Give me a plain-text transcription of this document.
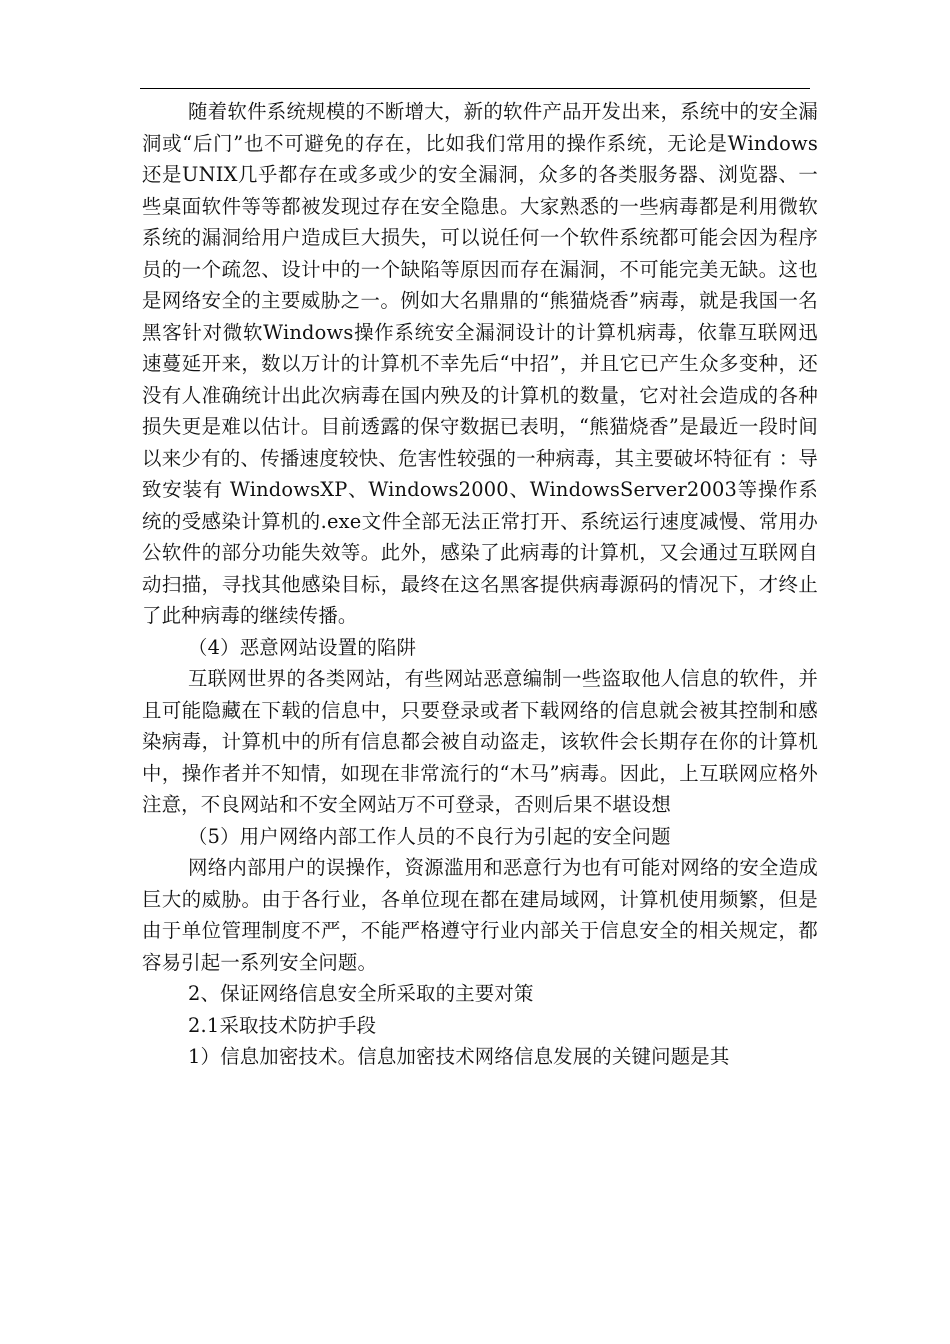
随着软件系统规模的不断增大，新的软件产品开发出来，系统中的安全漏洞或“后门”也不可避免的存在，比如我们常用的操作系统，无论是Windows还是UNIX几乎都存在或多或少的安全漏洞，众多的各类服务器、浏览器、一些桌面软件等等都被发现过存在安全隐患。大家熟悉的一些病毒都是利用微软系统的漏洞给用户造成巨大损失，可以说任何一个软件系统都可能会因为程序员的一个疏忽、设计中的一个缺陷等原因而存在漏洞，不可能完美无缺。这也是网络安全的主要威胁之一。例如大名鼎鼎的“熊猫烧香”病毒，就是我国一名黑客针对微软Windows操作系统安全漏洞设计的计算机病毒，依靠互联网迅速蔓延开来，数以万计的计算机不幸先后“中招”，并且它已产生众多变种，还没有人准确统计出此次病毒在国内殃及的计算机的数量，它对社会造成的各种损失更是难以估计。目前透露的保守数据已表明，“熊猫烧香”是最近一段时间以来少有的、传播速度较快、危害性较强的一种病毒，其主要破坏特征有 ：导致安装有 WindowsXP、Windows2000、WindowsServer2003等操作系统的受感染计算机的.exe文件全部无法正常打开、系统运行速度减慢、常用办公软件的部分功能失效等。此外，感染了此病毒的计算机，又会通过互联网自动扫描，寻找其他感染目标，最终在这名黑客提供病毒源码的情况下，才终止了此种病毒的继续传播。

（4）恶意网站设置的陷阱

互联网世界的各类网站，有些网站恶意编制一些盗取他人信息的软件，并且可能隐藏在下载的信息中，只要登录或者下载网络的信息就会被其控制和感染病毒，计算机中的所有信息都会被自动盗走，该软件会长期存在你的计算机中，操作者并不知情，如现在非常流行的“木马”病毒。因此，上互联网应格外注意，不良网站和不安全网站万不可登录，否则后果不堪设想

（5）用户网络内部工作人员的不良行为引起的安全问题

网络内部用户的误操作，资源滥用和恶意行为也有可能对网络的安全造成巨大的威胁。由于各行业，各单位现在都在建局域网，计算机使用频繁，但是由于单位管理制度不严，不能严格遵守行业内部关于信息安全的相关规定，都容易引起一系列安全问题。

2、保证网络信息安全所采取的主要对策

2.1采取技术防护手段

1）信息加密技术。信息加密技术网络信息发展的关键问题是其
